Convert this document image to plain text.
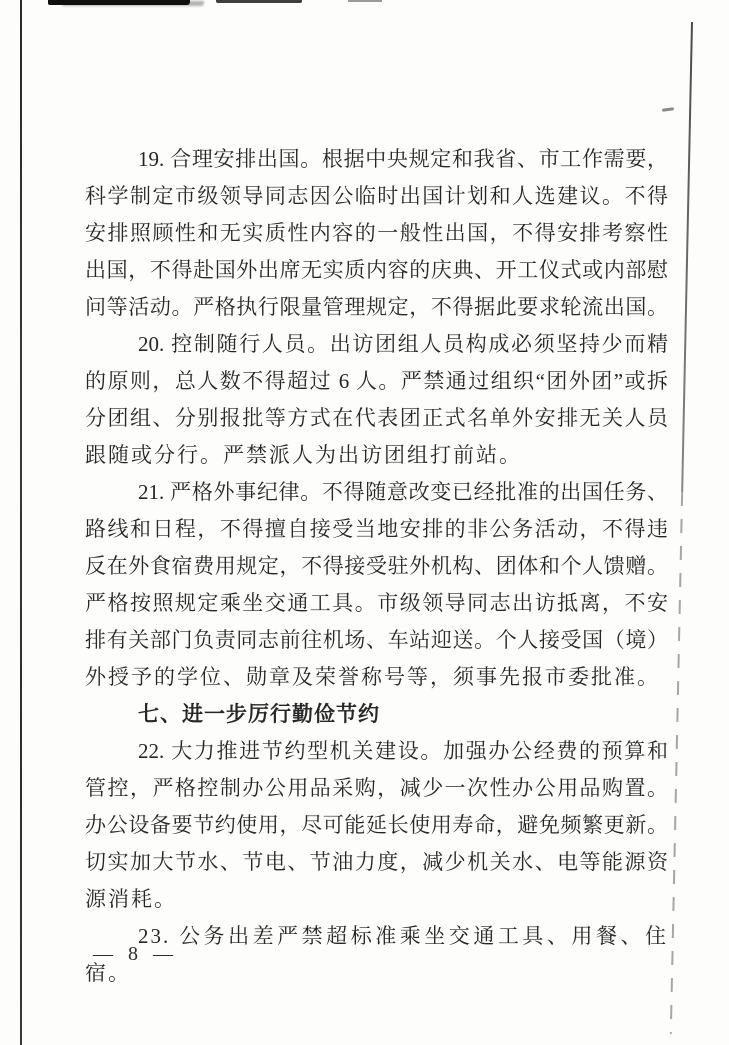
19. 合理安排出国。根据中央规定和我省、市工作需要，
科学制定市级领导同志因公临时出国计划和人选建议。不得
安排照顾性和无实质性内容的一般性出国，不得安排考察性
出国，不得赴国外出席无实质内容的庆典、开工仪式或内部慰
问等活动。严格执行限量管理规定，不得据此要求轮流出国。
20. 控制随行人员。出访团组人员构成必须坚持少而精
的原则，总人数不得超过 6 人。严禁通过组织“团外团”或拆
分团组、分别报批等方式在代表团正式名单外安排无关人员
跟随或分行。严禁派人为出访团组打前站。
21. 严格外事纪律。不得随意改变已经批准的出国任务、
路线和日程，不得擅自接受当地安排的非公务活动，不得违
反在外食宿费用规定，不得接受驻外机构、团体和个人馈赠。
严格按照规定乘坐交通工具。市级领导同志出访抵离，不安
排有关部门负责同志前往机场、车站迎送。个人接受国（境）
外授予的学位、勋章及荣誉称号等，须事先报市委批准。
七、进一步厉行勤俭节约
22. 大力推进节约型机关建设。加强办公经费的预算和
管控，严格控制办公用品采购，减少一次性办公用品购置。
办公设备要节约使用，尽可能延长使用寿命，避免频繁更新。
切实加大节水、节电、节油力度，减少机关水、电等能源资
源消耗。
23. 公务出差严禁超标准乘坐交通工具、用餐、住宿。
— 8 —
